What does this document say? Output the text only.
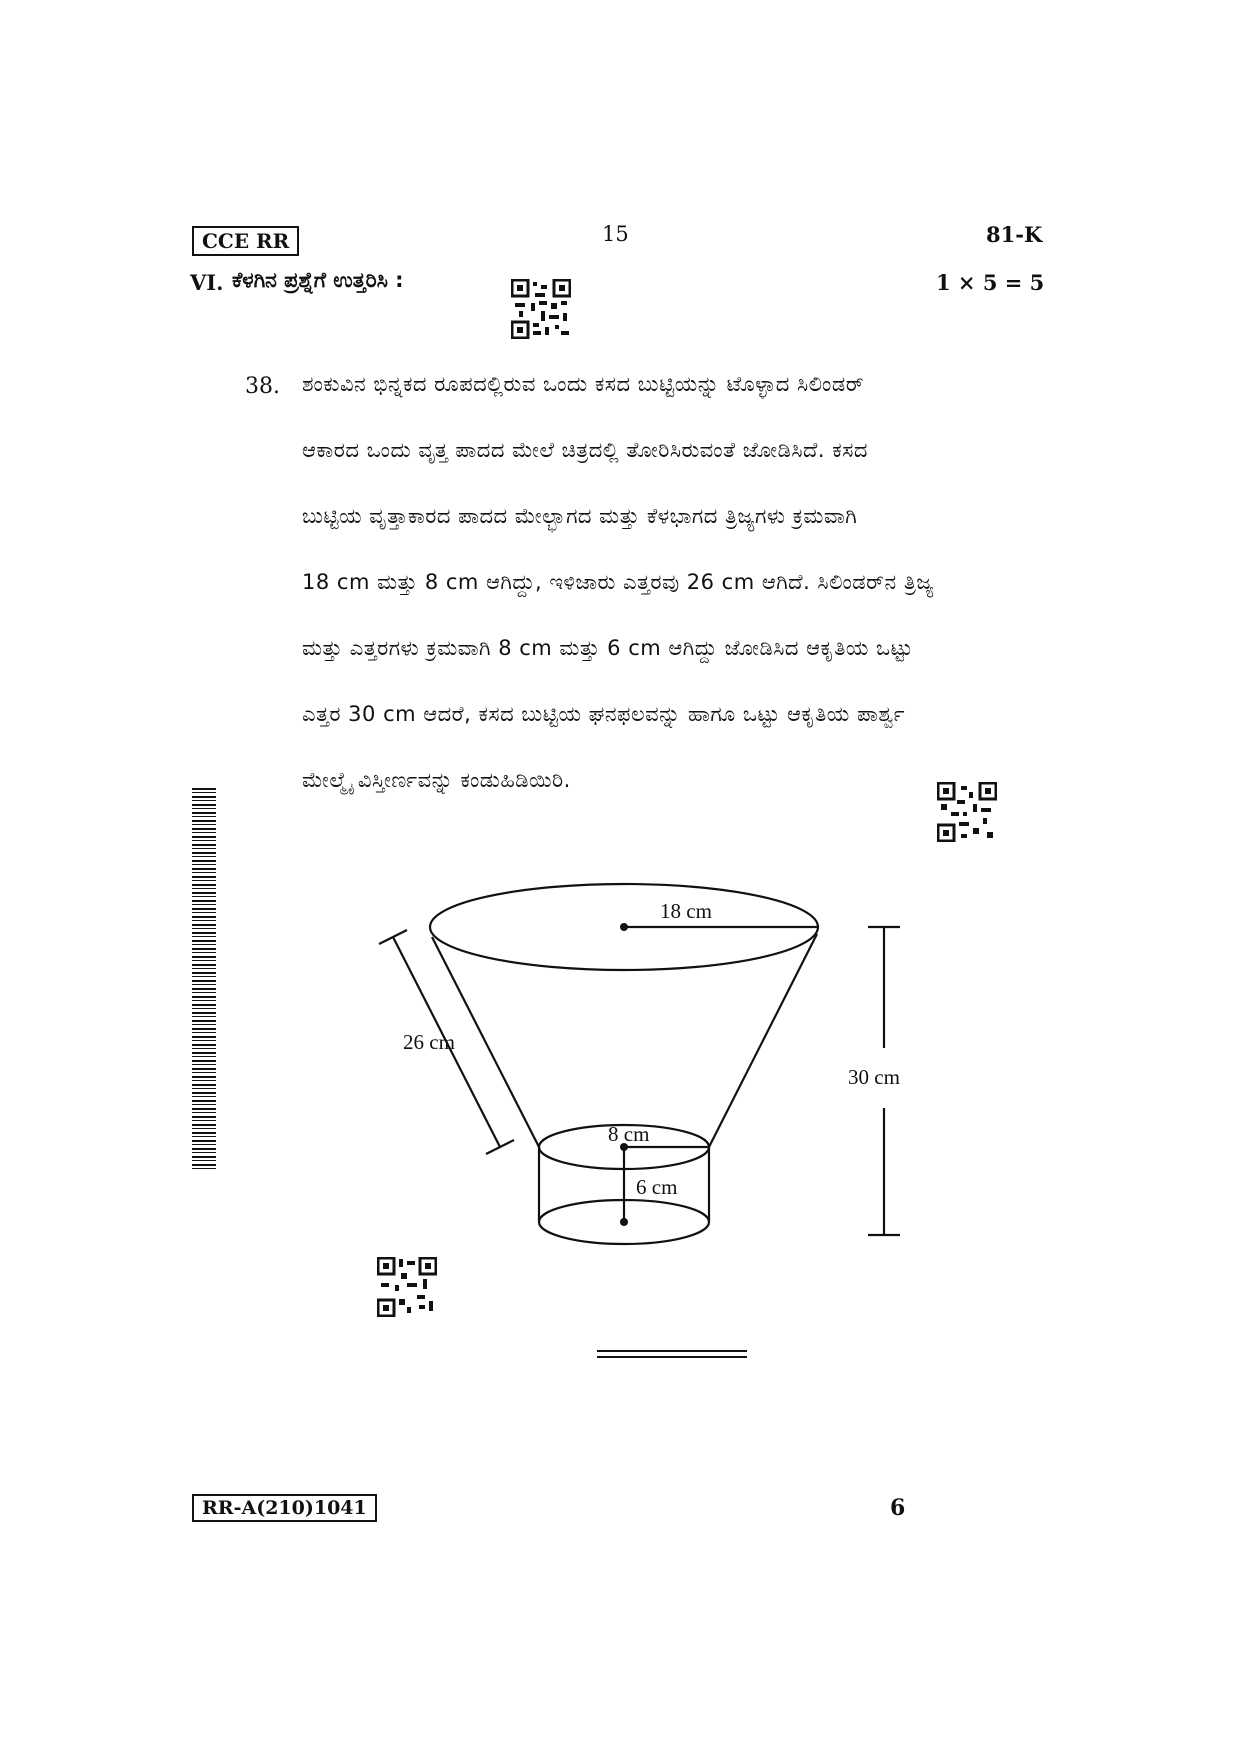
CCE RR	15	81-K
VI. ಕೆಳಗಿನ ಪ್ರಶ್ನೆಗೆ ಉತ್ತರಿಸಿ :	1 × 5 = 5
38. ಶಂಕುವಿನ ಭಿನ್ನಕದ ರೂಪದಲ್ಲಿರುವ ಒಂದು ಕಸದ ಬುಟ್ಟಿಯನ್ನು ಟೊಳ್ಳಾದ ಸಿಲಿಂಡರ್
ಆಕಾರದ ಒಂದು ವೃತ್ತ ಪಾದದ ಮೇಲೆ ಚಿತ್ರದಲ್ಲಿ ತೋರಿಸಿರುವಂತೆ ಜೋಡಿಸಿದೆ. ಕಸದ
ಬುಟ್ಟಿಯ ವೃತ್ತಾಕಾರದ ಪಾದದ ಮೇಲ್ಭಾಗದ ಮತ್ತು ಕೆಳಭಾಗದ ತ್ರಿಜ್ಯಗಳು ಕ್ರಮವಾಗಿ
18 cm ಮತ್ತು 8 cm ಆಗಿದ್ದು, ಇಳಿಜಾರು ಎತ್ತರವು 26 cm ಆಗಿದೆ. ಸಿಲಿಂಡರ್‌ನ ತ್ರಿಜ್ಯ
ಮತ್ತು ಎತ್ತರಗಳು ಕ್ರಮವಾಗಿ 8 cm ಮತ್ತು 6 cm ಆಗಿದ್ದು ಜೋಡಿಸಿದ ಆಕೃತಿಯ ಒಟ್ಟು
ಎತ್ತರ 30 cm ಆದರೆ, ಕಸದ ಬುಟ್ಟಿಯ ಘನಫಲವನ್ನು ಹಾಗೂ ಒಟ್ಟು ಆಕೃತಿಯ ಪಾರ್ಶ್ವ
ಮೇಲ್ಮೈ ವಿಸ್ತೀರ್ಣವನ್ನು ಕಂಡುಹಿಡಿಯಿರಿ.
18 cm
26 cm
30 cm
8 cm
6 cm
RR-A(210)1041	6
